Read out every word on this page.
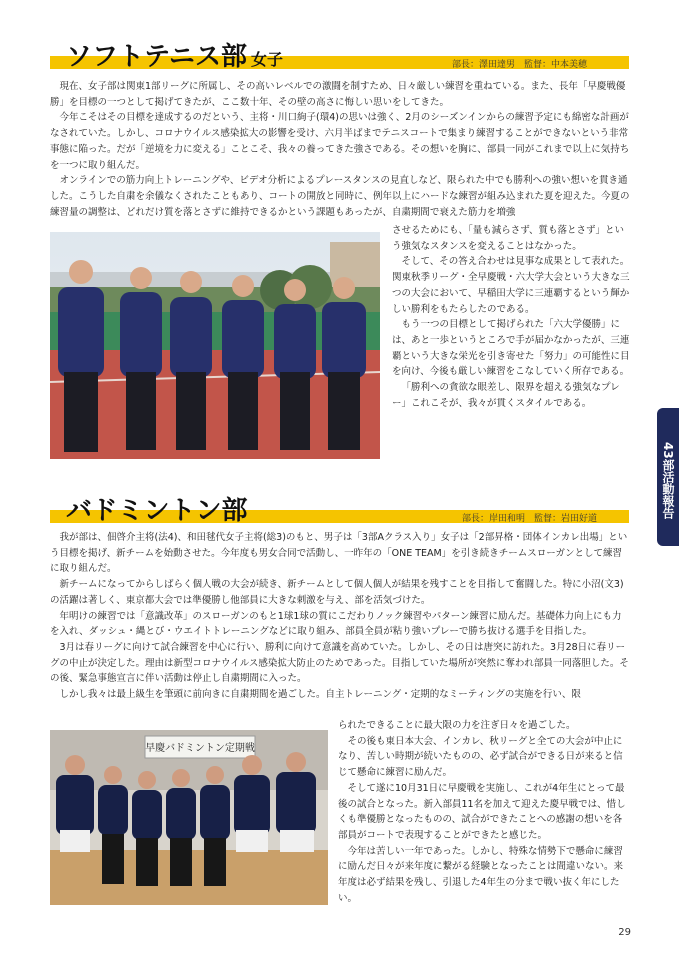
ソフトテニス部 女子	部長：澤田達男　監督：中本美穂

現在、女子部は関東1部リーグに所属し、その高いレベルでの激闘を制すため、日々厳しい練習を重ねている。また、長年「早慶戦優勝」を目標の一つとして掲げてきたが、ここ数十年、その壁の高さに悔しい思いをしてきた。

今年こそはその目標を達成するのだという、主将・川口絢子(環4)の思いは強く、2月のシーズンインからの練習予定にも綿密な計画がなされていた。しかし、コロナウイルス感染拡大の影響を受け、六月半ばまでテニスコートで集まり練習することができないという非常事態に陥った。だが「逆境を力に変える」ことこそ、我々の養ってきた強さである。その想いを胸に、部員一同がこれまで以上に気持ちを一つに取り組んだ。

オンラインでの筋力向上トレーニングや、ビデオ分析によるプレースタンスの見直しなど、限られた中でも勝利への強い想いを貫き通した。こうした自粛を余儀なくされたこともあり、コートの開放と同時に、例年以上にハードな練習が組み込まれた夏を迎えた。今夏の練習量の調整は、どれだけ質を落とさずに維持できるかという課題もあったが、自粛期間で衰えた筋力を増強

させるためにも、「量も減らさず、質も落とさず」という強気なスタンスを変えることはなかった。

そして、その答え合わせは見事な成果として表れた。関東秋季リーグ・全早慶戦・六大学大会という大きな三つの大会において、早稲田大学に三連覇するという輝かしい勝利をもたらしたのである。

もう一つの目標として掲げられた「六大学優勝」には、あと一歩というところで手が届かなかったが、三連覇という大きな栄光を引き寄せた「努力」の可能性に目を向け、今後も厳しい練習をこなしていく所存である。

「勝利への貪欲な眼差し、限界を超える強気なプレー」これこそが、我々が貫くスタイルである。

43部活動報告
バドミントン部	部長：岸田和明　監督：岩田好道

我が部は、佃啓介主将(法4)、和田毬代女子主将(総3)のもと、男子は「3部Aクラス入り」女子は「2部昇格・団体インカレ出場」という目標を掲げ、新チームを始動させた。今年度も男女合同で活動し、一昨年の「ONE TEAM」を引き続きチームスローガンとして練習に取り組んだ。

新チームになってからしばらく個人戦の大会が続き、新チームとして個人個人が結果を残すことを目指して奮闘した。特に小沼(文3)の活躍は著しく、東京都大会では準優勝し他部員に大きな刺激を与え、部を活気づけた。

年明けの練習では「意識改革」のスローガンのもと1球1球の質にこだわりノック練習やパターン練習に励んだ。基礎体力向上にも力を入れ、ダッシュ・縄とび・ウエイトトレーニングなどに取り組み、部員全員が粘り強いプレーで勝ち抜ける選手を目指した。

3月は春リーグに向けて試合練習を中心に行い、勝利に向けて意識を高めていた。しかし、その日は唐突に訪れた。3月28日に春リーグの中止が決定した。理由は新型コロナウイルス感染拡大防止のためであった。目指していた場所が突然に奪われ部員一同落胆した。その後、緊急事態宣言に伴い活動は停止し自粛期間に入った。

しかし我々は最上級生を筆頭に前向きに自粛期間を過ごした。自主トレーニング・定期的なミーティングの実施を行い、限

早慶バドミントン定期戦

られたできることに最大限の力を注ぎ日々を過ごした。

その後も東日本大会、インカレ、秋リーグと全ての大会が中止になり、苦しい時期が続いたものの、必ず試合ができる日が来ると信じて懸命に練習に励んだ。

そして遂に10月31日に早慶戦を実施し、これが4年生にとって最後の試合となった。新入部員11名を加えて迎えた慶早戦では、惜しくも準優勝となったものの、試合ができたことへの感謝の想いを各部員がコートで表現することができたと感じた。

今年は苦しい一年であった。しかし、特殊な情勢下で懸命に練習に励んだ日々が来年度に繋がる経験となったことは間違いない。来年度は必ず結果を残し、引退した4年生の分まで戦い抜く年にしたい。

29
